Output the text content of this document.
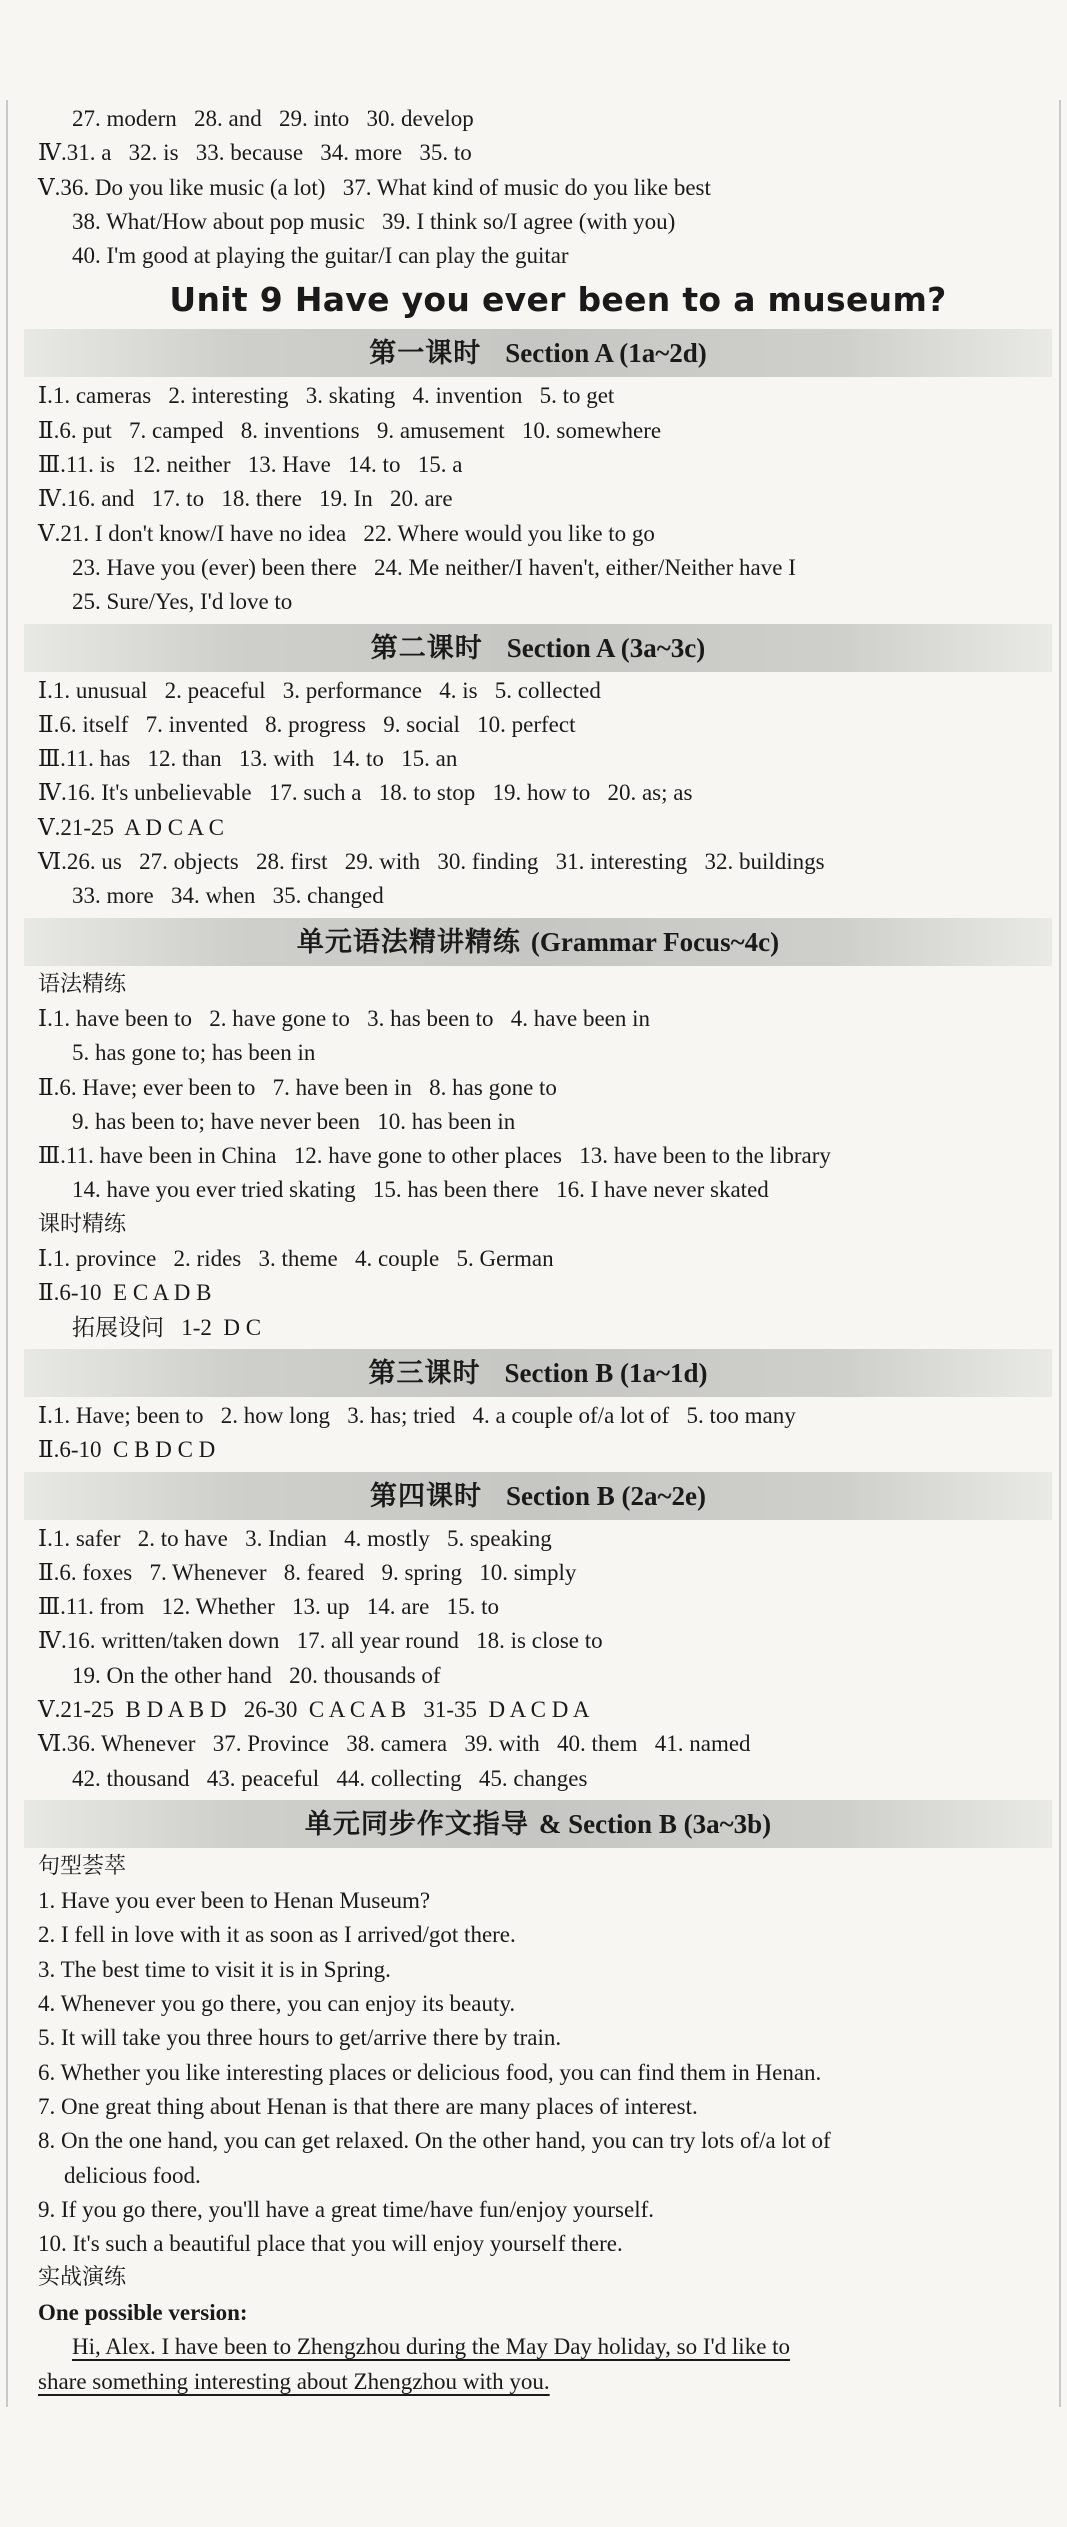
27. modern   28. and   29. into   30. develop
Ⅳ.31. a   32. is   33. because   34. more   35. to
Ⅴ.36. Do you like music (a lot)   37. What kind of music do you like best
38. What/How about pop music   39. I think so/I agree (with you)
40. I'm good at playing the guitar/I can play the guitar
Unit 9 Have you ever been to a museum?
第一课时 Section A (1a~2d)
Ⅰ.1. cameras   2. interesting   3. skating   4. invention   5. to get
Ⅱ.6. put   7. camped   8. inventions   9. amusement   10. somewhere
Ⅲ.11. is   12. neither   13. Have   14. to   15. a
Ⅳ.16. and   17. to   18. there   19. In   20. are
Ⅴ.21. I don't know/I have no idea   22. Where would you like to go
23. Have you (ever) been there   24. Me neither/I haven't, either/Neither have I
25. Sure/Yes, I'd love to
第二课时 Section A (3a~3c)
Ⅰ.1. unusual   2. peaceful   3. performance   4. is   5. collected
Ⅱ.6. itself   7. invented   8. progress   9. social   10. perfect
Ⅲ.11. has   12. than   13. with   14. to   15. an
Ⅳ.16. It's unbelievable   17. such a   18. to stop   19. how to   20. as; as
Ⅴ.21-25  A D C A C
Ⅵ.26. us   27. objects   28. first   29. with   30. finding   31. interesting   32. buildings
33. more   34. when   35. changed
单元语法精讲精练 (Grammar Focus~4c)
语法精练
Ⅰ.1. have been to   2. have gone to   3. has been to   4. have been in
5. has gone to; has been in
Ⅱ.6. Have; ever been to   7. have been in   8. has gone to
9. has been to; have never been   10. has been in
Ⅲ.11. have been in China   12. have gone to other places   13. have been to the library
14. have you ever tried skating   15. has been there   16. I have never skated
课时精练
Ⅰ.1. province   2. rides   3. theme   4. couple   5. German
Ⅱ.6-10  E C A D B
拓展设问   1-2  D C
第三课时 Section B (1a~1d)
Ⅰ.1. Have; been to   2. how long   3. has; tried   4. a couple of/a lot of   5. too many
Ⅱ.6-10  C B D C D
第四课时 Section B (2a~2e)
Ⅰ.1. safer   2. to have   3. Indian   4. mostly   5. speaking
Ⅱ.6. foxes   7. Whenever   8. feared   9. spring   10. simply
Ⅲ.11. from   12. Whether   13. up   14. are   15. to
Ⅳ.16. written/taken down   17. all year round   18. is close to
19. On the other hand   20. thousands of
Ⅴ.21-25  B D A B D   26-30  C A C A B   31-35  D A C D A
Ⅵ.36. Whenever   37. Province   38. camera   39. with   40. them   41. named
42. thousand   43. peaceful   44. collecting   45. changes
单元同步作文指导 & Section B (3a~3b)
句型荟萃
1. Have you ever been to Henan Museum?
2. I fell in love with it as soon as I arrived/got there.
3. The best time to visit it is in Spring.
4. Whenever you go there, you can enjoy its beauty.
5. It will take you three hours to get/arrive there by train.
6. Whether you like interesting places or delicious food, you can find them in Henan.
7. One great thing about Henan is that there are many places of interest.
8. On the one hand, you can get relaxed. On the other hand, you can try lots of/a lot of
delicious food.
9. If you go there, you'll have a great time/have fun/enjoy yourself.
10. It's such a beautiful place that you will enjoy yourself there.
实战演练
One possible version:
Hi, Alex. I have been to Zhengzhou during the May Day holiday, so I'd like to
share something interesting about Zhengzhou with you.
